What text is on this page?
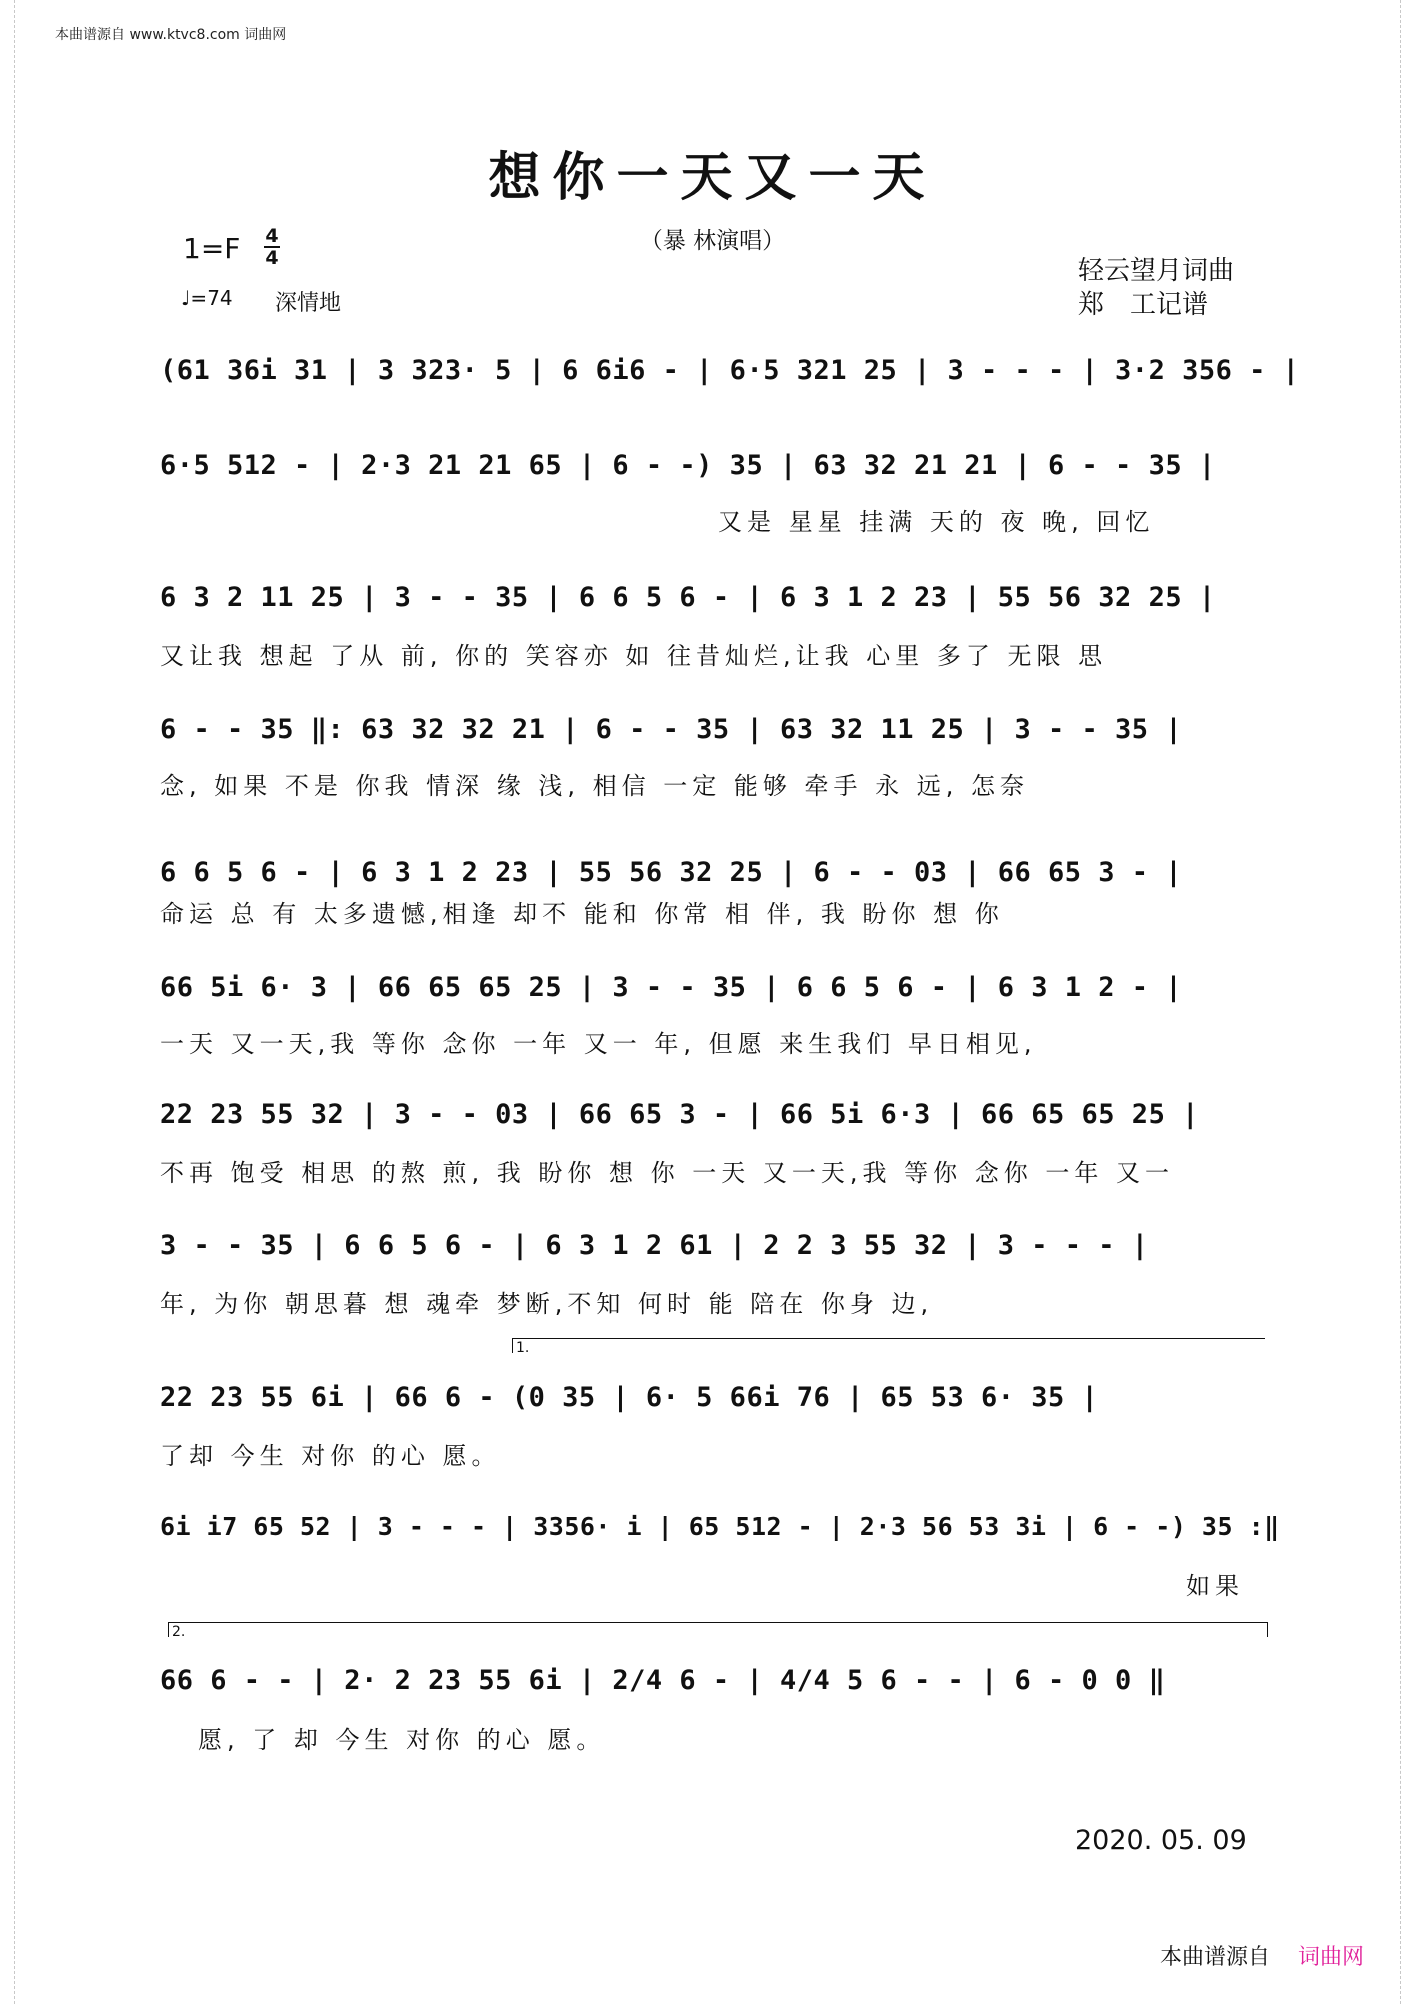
本曲谱源自 www.ktvc8.com 词曲网
想你一天又一天
（暴 林演唱）
1=F 4
4
♩=74 深情地
轻云望月词曲
郑　工记谱
(61 36i 31 | 3 323· 5 | 6 6i6 - | 6·5 321 25 | 3 - - - | 3·2 356 - |
6·5 512 - | 2·3 21 21 65 | 6 - -) 35 | 63 32 21 21 | 6 - - 35 |
又是 星星 挂满 天的 夜 晚, 回忆
6 3 2 11 25 | 3 - - 35 | 6 6 5 6 - | 6 3 1 2 23 | 55 56 32 25 |
又让我 想起 了从 前, 你的 笑容亦 如 往昔灿烂,让我 心里 多了 无限 思
6 - - 35 ‖: 63 32 32 21 | 6 - - 35 | 63 32 11 25 | 3 - - 35 |
念, 如果 不是 你我 情深 缘 浅, 相信 一定 能够 牵手 永 远, 怎奈
6 6 5 6 - | 6 3 1 2 23 | 55 56 32 25 | 6 - - 03 | 66 65 3 - |
命运 总 有 太多遗憾,相逢 却不 能和 你常 相 伴, 我 盼你 想 你
66 5i 6· 3 | 66 65 65 25 | 3 - - 35 | 6 6 5 6 - | 6 3 1 2 - |
一天 又一天,我 等你 念你 一年 又一 年, 但愿 来生我们 早日相见,
22 23 55 32 | 3 - - 03 | 66 65 3 - | 66 5i 6·3 | 66 65 65 25 |
不再 饱受 相思 的熬 煎, 我 盼你 想 你 一天 又一天,我 等你 念你 一年 又一
3 - - 35 | 6 6 5 6 - | 6 3 1 2 61 | 2 2 3 55 32 | 3 - - - |
年, 为你 朝思暮 想 魂牵 梦断,不知 何时 能 陪在 你身 边,
1.
22 23 55 6i | 66 6 - (0 35 | 6· 5 66i 76 | 65 53 6· 35 |
了却 今生 对你 的心 愿。
6i i7 65 52 | 3 - - - | 3356· i | 65 512 - | 2·3 56 53 3i | 6 - -) 35 :‖
如果
2.
66 6 - - | 2· 2 23 55 6i | 2/4 6 - | 4/4 5 6 - - | 6 - 0 0 ‖
愿, 了 却 今生 对你 的心 愿。
2020. 05. 09
本曲谱源自 词曲网
